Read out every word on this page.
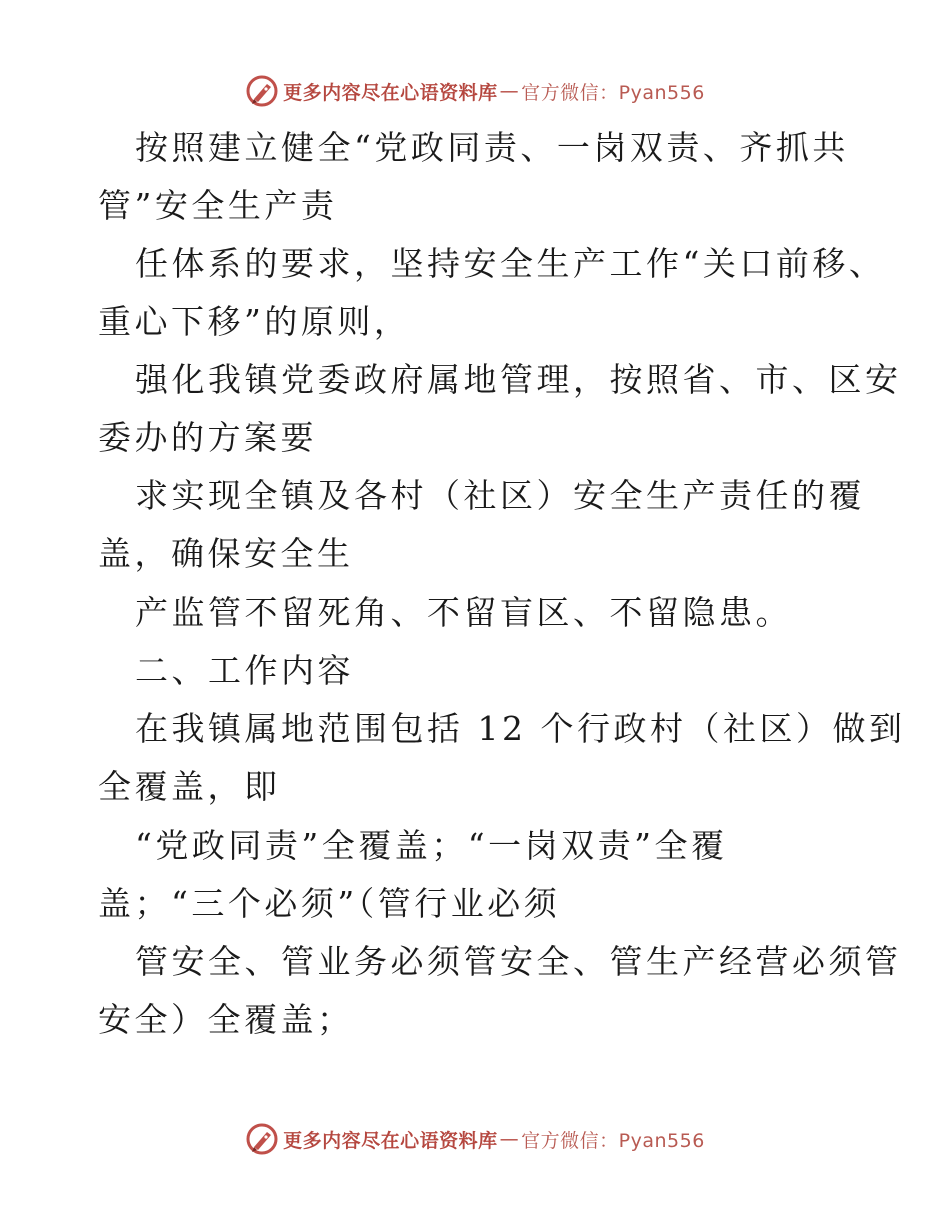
更多内容尽在心语资料库 — 官方微信：Pyan556
按照建立健全“党政同责、一岗双责、齐抓共
管”安全生产责
任体系的要求，坚持安全生产工作“关口前移、
重心下移”的原则，
强化我镇党委政府属地管理，按照省、市、区安
委办的方案要
求实现全镇及各村（社区）安全生产责任的覆
盖，确保安全生
产监管不留死角、不留盲区、不留隐患。
二、工作内容
在我镇属地范围包括 12 个行政村（社区）做到
全覆盖，即
“党政同责”全覆盖；“一岗双责”全覆
盖；“三个必须”（管行业必须
管安全、管业务必须管安全、管生产经营必须管
安全）全覆盖；
更多内容尽在心语资料库 — 官方微信：Pyan556
